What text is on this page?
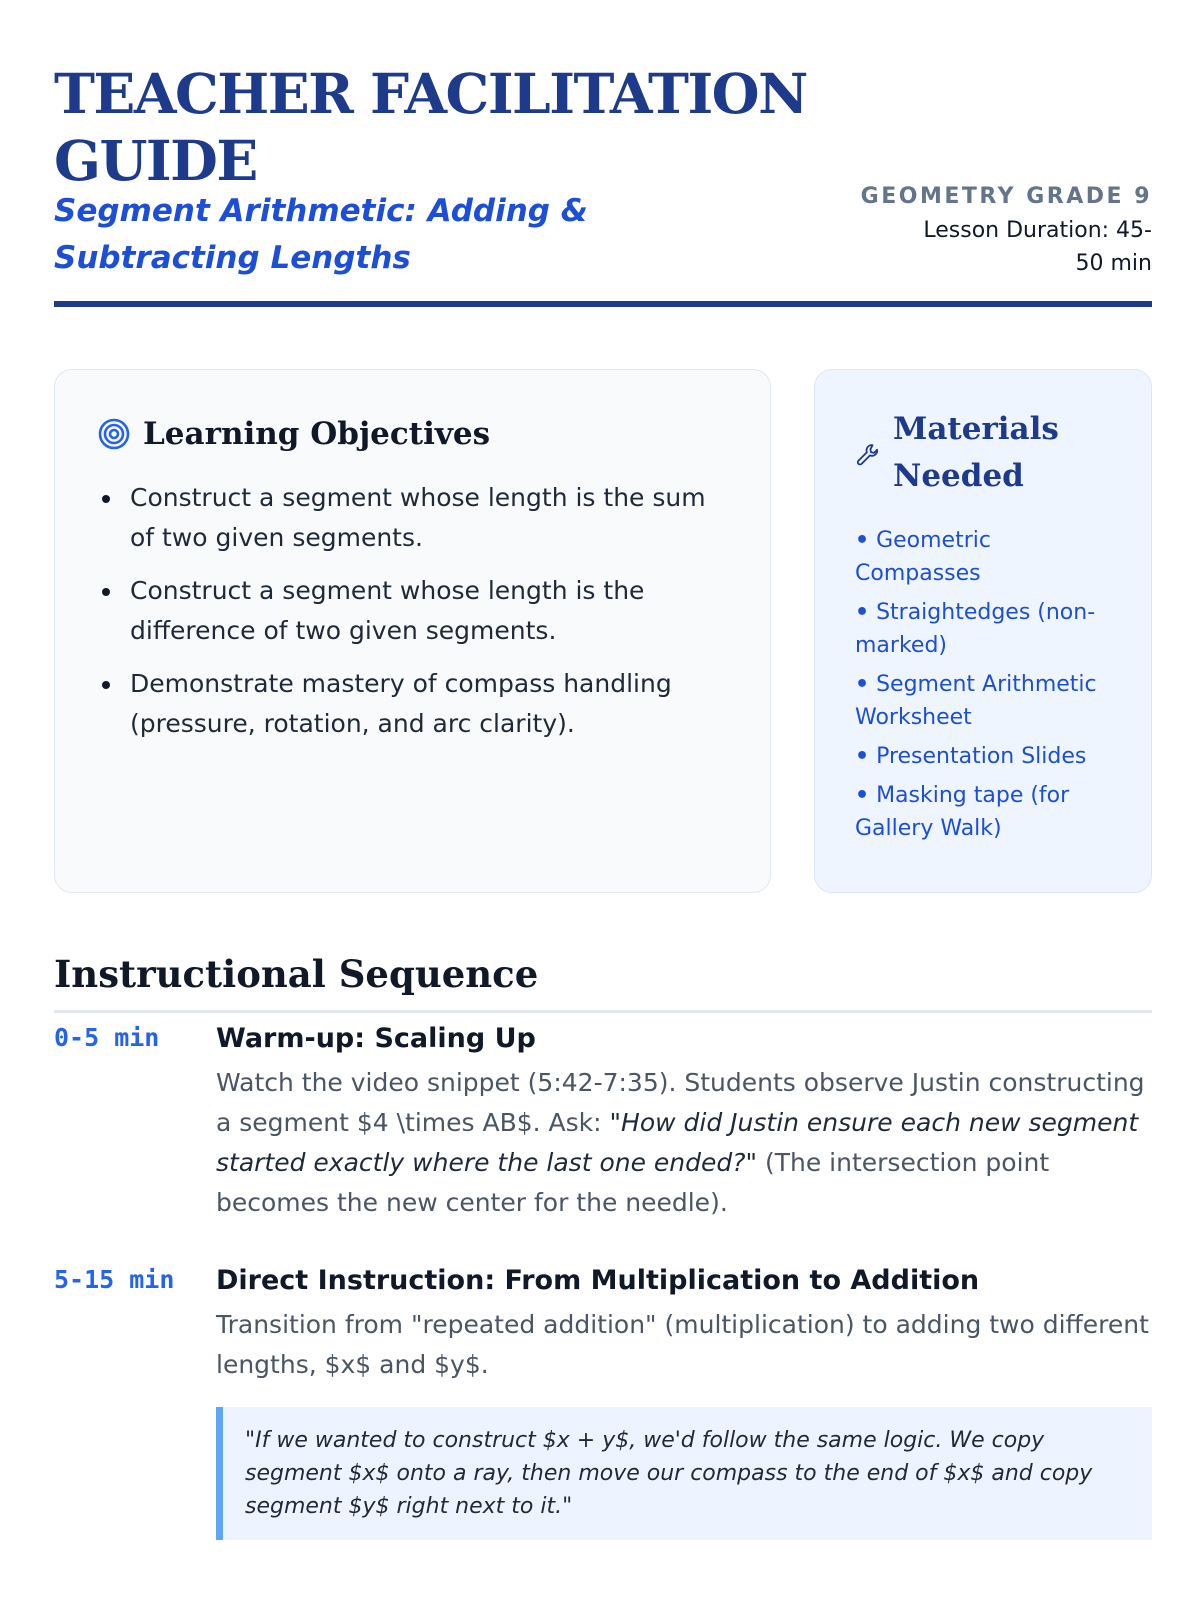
TEACHER FACILITATION GUIDE
Segment Arithmetic: Adding & Subtracting Lengths
GEOMETRY GRADE 9
Lesson Duration: 45-50 min
Learning Objectives
Construct a segment whose length is the sum of two given segments.
Construct a segment whose length is the difference of two given segments.
Demonstrate mastery of compass handling (pressure, rotation, and arc clarity).
Materials Needed
• Geometric Compasses
• Straightedges (non-marked)
• Segment Arithmetic Worksheet
• Presentation Slides
• Masking tape (for Gallery Walk)
Instructional Sequence
0-5 min Warm-up: Scaling Up

Watch the video snippet (5:42-7:35). Students observe Justin constructing a segment $4 \times AB$. Ask: "How did Justin ensure each new segment started exactly where the last one ended?" (The intersection point becomes the new center for the needle).

5-15 min Direct Instruction: From Multiplication to Addition

Transition from "repeated addition" (multiplication) to adding two different lengths, $x$ and $y$.

"If we wanted to construct $x + y$, we'd follow the same logic. We copy segment $x$ onto a ray, then move our compass to the end of $x$ and copy segment $y$ right next to it."
